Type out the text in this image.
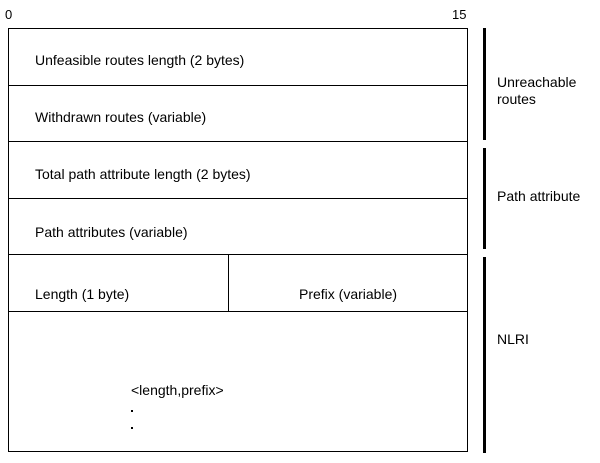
0	15
Unfeasible routes length (2 bytes)
Withdrawn routes (variable)
Total path attribute length (2 bytes)
Path attributes (variable)
Length (1 byte)	Prefix (variable)
<length,prefix>
Unreachable
routes
Path attribute
NLRI
